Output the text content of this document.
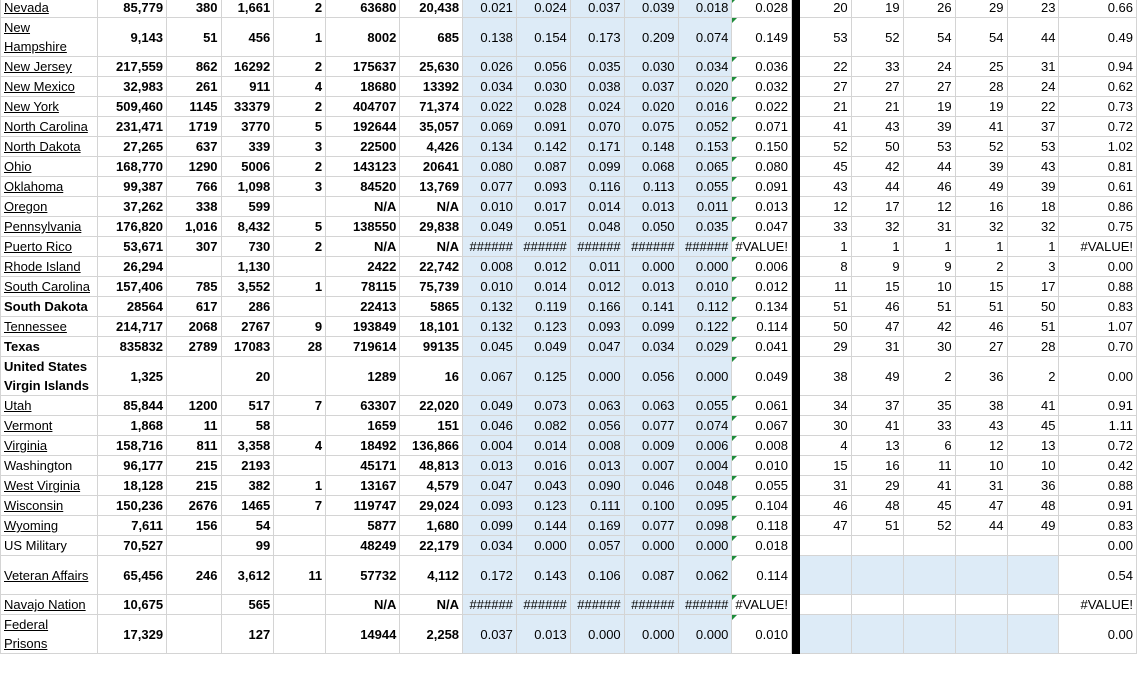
Nevada	85,779	380	1,661	2	63680	20,438	0.021	0.024	0.037	0.039	0.018	0.028		20	19	26	29	23	0.66
New Hampshire	9,143	51	456	1	8002	685	0.138	0.154	0.173	0.209	0.074	0.149		53	52	54	54	44	0.49
New Jersey	217,559	862	16292	2	175637	25,630	0.026	0.056	0.035	0.030	0.034	0.036		22	33	24	25	31	0.94
New Mexico	32,983	261	911	4	18680	13392	0.034	0.030	0.038	0.037	0.020	0.032		27	27	27	28	24	0.62
New York	509,460	1145	33379	2	404707	71,374	0.022	0.028	0.024	0.020	0.016	0.022		21	21	19	19	22	0.73
North Carolina	231,471	1719	3770	5	192644	35,057	0.069	0.091	0.070	0.075	0.052	0.071		41	43	39	41	37	0.72
North Dakota	27,265	637	339	3	22500	4,426	0.134	0.142	0.171	0.148	0.153	0.150		52	50	53	52	53	1.02
Ohio	168,770	1290	5006	2	143123	20641	0.080	0.087	0.099	0.068	0.065	0.080		45	42	44	39	43	0.81
Oklahoma	99,387	766	1,098	3	84520	13,769	0.077	0.093	0.116	0.113	0.055	0.091		43	44	46	49	39	0.61
Oregon	37,262	338	599		N/A	N/A	0.010	0.017	0.014	0.013	0.011	0.013		12	17	12	16	18	0.86
Pennsylvania	176,820	1,016	8,432	5	138550	29,838	0.049	0.051	0.048	0.050	0.035	0.047		33	32	31	32	32	0.75
Puerto Rico	53,671	307	730	2	N/A	N/A	######	######	######	######	######	#VALUE!		1	1	1	1	1	#VALUE!
Rhode Island	26,294		1,130		2422	22,742	0.008	0.012	0.011	0.000	0.000	0.006		8	9	9	2	3	0.00
South Carolina	157,406	785	3,552	1	78115	75,739	0.010	0.014	0.012	0.013	0.010	0.012		11	15	10	15	17	0.88
South Dakota	28564	617	286		22413	5865	0.132	0.119	0.166	0.141	0.112	0.134		51	46	51	51	50	0.83
Tennessee	214,717	2068	2767	9	193849	18,101	0.132	0.123	0.093	0.099	0.122	0.114		50	47	42	46	51	1.07
Texas	835832	2789	17083	28	719614	99135	0.045	0.049	0.047	0.034	0.029	0.041		29	31	30	27	28	0.70
United States Virgin Islands	1,325		20		1289	16	0.067	0.125	0.000	0.056	0.000	0.049		38	49	2	36	2	0.00
Utah	85,844	1200	517	7	63307	22,020	0.049	0.073	0.063	0.063	0.055	0.061		34	37	35	38	41	0.91
Vermont	1,868	11	58		1659	151	0.046	0.082	0.056	0.077	0.074	0.067		30	41	33	43	45	1.11
Virginia	158,716	811	3,358	4	18492	136,866	0.004	0.014	0.008	0.009	0.006	0.008		4	13	6	12	13	0.72
Washington	96,177	215	2193		45171	48,813	0.013	0.016	0.013	0.007	0.004	0.010		15	16	11	10	10	0.42
West Virginia	18,128	215	382	1	13167	4,579	0.047	0.043	0.090	0.046	0.048	0.055		31	29	41	31	36	0.88
Wisconsin	150,236	2676	1465	7	119747	29,024	0.093	0.123	0.111	0.100	0.095	0.104		46	48	45	47	48	0.91
Wyoming	7,611	156	54		5877	1,680	0.099	0.144	0.169	0.077	0.098	0.118		47	51	52	44	49	0.83
US Military	70,527		99		48249	22,179	0.034	0.000	0.057	0.000	0.000	0.018							0.00
Veteran Affairs	65,456	246	3,612	11	57732	4,112	0.172	0.143	0.106	0.087	0.062	0.114							0.54
Navajo Nation	10,675		565		N/A	N/A	######	######	######	######	######	#VALUE!							#VALUE!
Federal Prisons	17,329		127		14944	2,258	0.037	0.013	0.000	0.000	0.000	0.010							0.00
